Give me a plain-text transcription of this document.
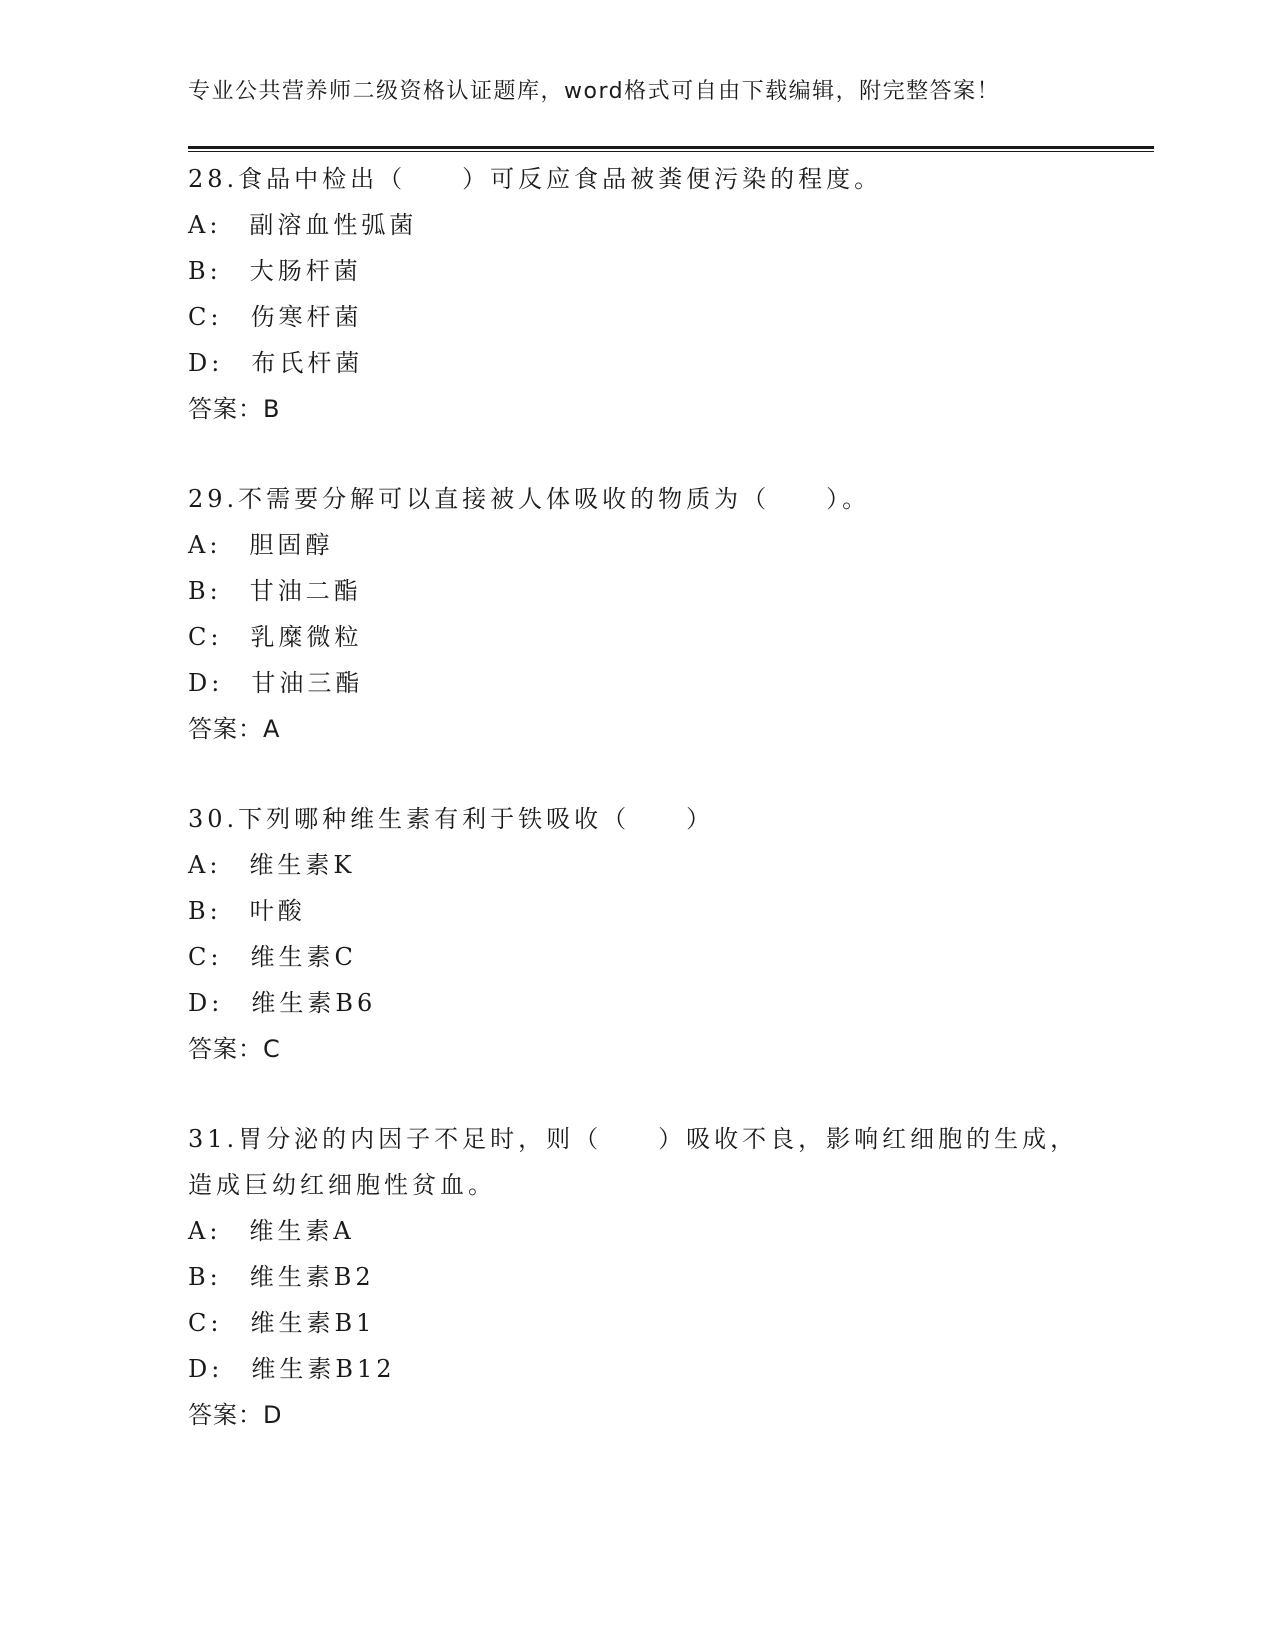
专业公共营养师二级资格认证题库，word格式可自由下载编辑，附完整答案！

28.食品中检出（　　）可反应食品被粪便污染的程度。

A:　副溶血性弧菌
B:　大肠杆菌
C:　伤寒杆菌
D:　布氏杆菌
答案：B

29.不需要分解可以直接被人体吸收的物质为（　　）。

A:　胆固醇
B:　甘油二酯
C:　乳糜微粒
D:　甘油三酯
答案：A

30.下列哪种维生素有利于铁吸收（　　）

A:　维生素K
B:　叶酸
C:　维生素C
D:　维生素B6
答案：C

31.胃分泌的内因子不足时，则（　　）吸收不良，影响红细胞的生成，造成巨幼红细胞性贫血。

A:　维生素A
B:　维生素B2
C:　维生素B1
D:　维生素B12
答案：D
